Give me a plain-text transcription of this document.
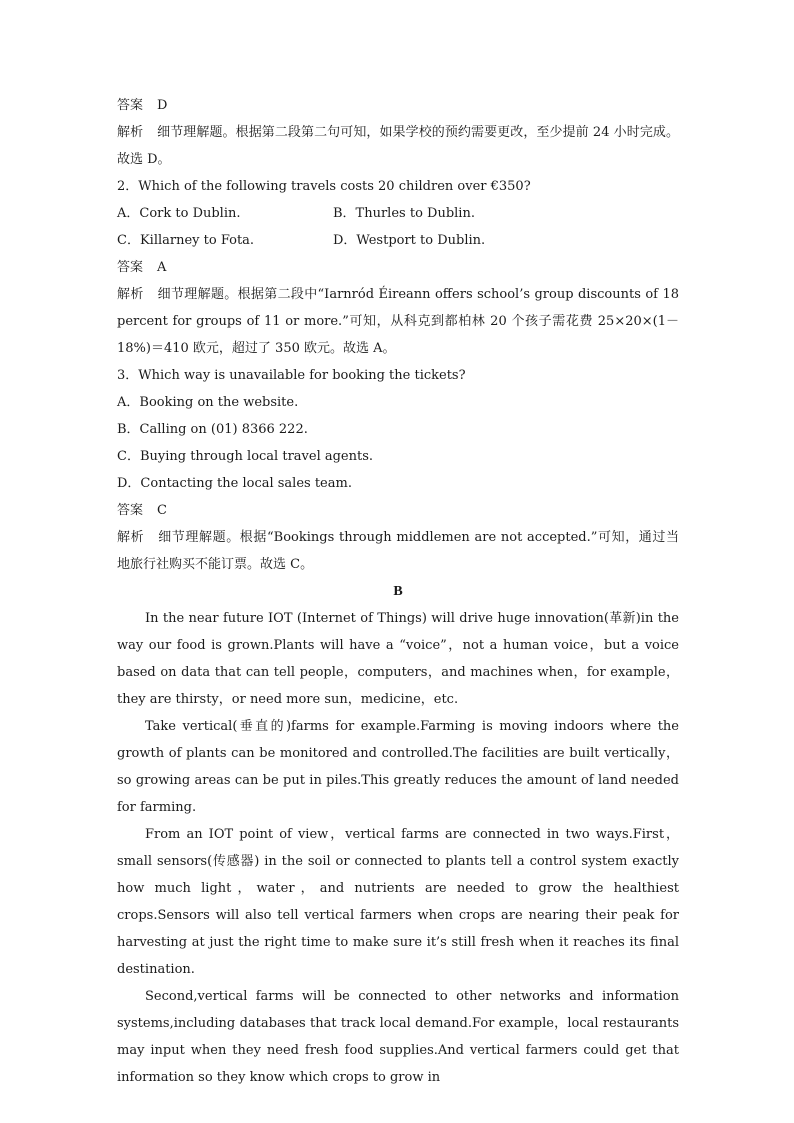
答案 D
解析 细节理解题。根据第二段第二句可知，如果学校的预约需要更改，至少提前 24 小时完成。故选 D。
2．Which of the following travels costs 20 children over €350?
A．Cork to Dublin.	B．Thurles to Dublin.
C．Killarney to Fota.	D．Westport to Dublin.
答案 A
解析 细节理解题。根据第二段中“Iarnród Éireann offers school’s group discounts of 18 percent for groups of 11 or more.”可知，从科克到都柏林 20 个孩子需花费 25×20×(1－18%)＝410 欧元，超过了 350 欧元。故选 A。
3．Which way is unavailable for booking the tickets?
A．Booking on the website.
B．Calling on (01) 8366 222.
C．Buying through local travel agents.
D．Contacting the local sales team.
答案 C
解析 细节理解题。根据“Bookings through middlemen are not accepted.”可知，通过当地旅行社购买不能订票。故选 C。
B
In the near future IOT (Internet of Things) will drive huge innovation(革新)in the way our food is grown.Plants will have a “voice”，not a human voice，but a voice based on data that can tell people，computers，and machines when，for example，they are thirsty，or need more sun，medicine，etc.
Take vertical(垂直的)farms for example.Farming is moving indoors where the growth of plants can be monitored and controlled.The facilities are built vertically，so growing areas can be put in piles.This greatly reduces the amount of land needed for farming.
From an IOT point of view，vertical farms are connected in two ways.First，small sensors(传感器) in the soil or connected to plants tell a control system exactly how much light，water，and nutrients are needed to grow the healthiest crops.Sensors will also tell vertical farmers when crops are nearing their peak for harvesting at just the right time to make sure it’s still fresh when it reaches its final destination.
Second,vertical farms will be connected to other networks and information systems,including databases that track local demand.For example，local restaurants may input when they need fresh food supplies.And vertical farmers could get that information so they know which crops to grow in
